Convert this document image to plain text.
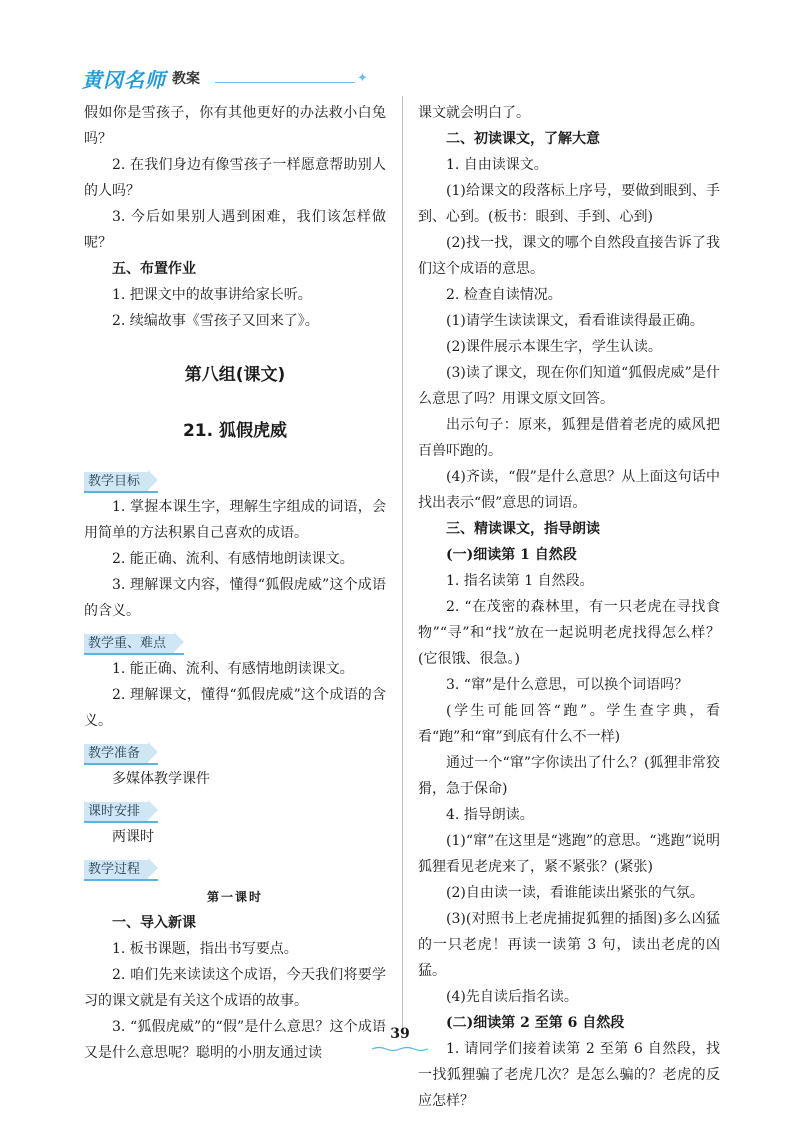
黄冈名师 教案	✦

假如你是雪孩子，你有其他更好的办法救小白兔吗？

2. 在我们身边有像雪孩子一样愿意帮助别人的人吗？

3. 今后如果别人遇到困难，我们该怎样做呢？

五、布置作业

1. 把课文中的故事讲给家长听。

2. 续编故事《雪孩子又回来了》。

第八组(课文)
21. 狐假虎威
教学目标

1. 掌握本课生字，理解生字组成的词语，会用简单的方法积累自己喜欢的成语。

2. 能正确、流利、有感情地朗读课文。

3. 理解课文内容，懂得“狐假虎威”这个成语的含义。

教学重、难点

1. 能正确、流利、有感情地朗读课文。

2. 理解课文，懂得“狐假虎威”这个成语的含义。

教学准备

多媒体教学课件

课时安排

两课时

教学过程
第一课时

一、导入新课

1. 板书课题，指出书写要点。

2. 咱们先来读读这个成语，今天我们将要学习的课文就是有关这个成语的故事。

3. “狐假虎威”的“假”是什么意思？这个成语又是什么意思呢？聪明的小朋友通过读

课文就会明白了。

二、初读课文，了解大意

1. 自由读课文。

(1)给课文的段落标上序号，要做到眼到、手到、心到。(板书：眼到、手到、心到)

(2)找一找，课文的哪个自然段直接告诉了我们这个成语的意思。

2. 检查自读情况。

(1)请学生读读课文，看看谁读得最正确。

(2)课件展示本课生字，学生认读。

(3)读了课文，现在你们知道“狐假虎威”是什么意思了吗？用课文原文回答。

出示句子：原来，狐狸是借着老虎的威风把百兽吓跑的。

(4)齐读，“假”是什么意思？从上面这句话中找出表示“假”意思的词语。

三、精读课文，指导朗读

(一)细读第 1 自然段

1. 指名读第 1 自然段。

2. “在茂密的森林里，有一只老虎在寻找食物”“寻”和“找”放在一起说明老虎找得怎么样？(它很饿、很急。)

3. “窜”是什么意思，可以换个词语吗？

(学生可能回答“跑”。学生查字典，看看“跑”和“窜”到底有什么不一样)

通过一个“窜”字你读出了什么？(狐狸非常狡猾，急于保命)

4. 指导朗读。

(1)“窜”在这里是“逃跑”的意思。“逃跑”说明狐狸看见老虎来了，紧不紧张？(紧张)

(2)自由读一读，看谁能读出紧张的气氛。

(3)(对照书上老虎捕捉狐狸的插图)多么凶猛的一只老虎！再读一读第 3 句，读出老虎的凶猛。

(4)先自读后指名读。

(二)细读第 2 至第 6 自然段

1. 请同学们接着读第 2 至第 6 自然段，找一找狐狸骗了老虎几次？是怎么骗的？老虎的反应怎样？

39
